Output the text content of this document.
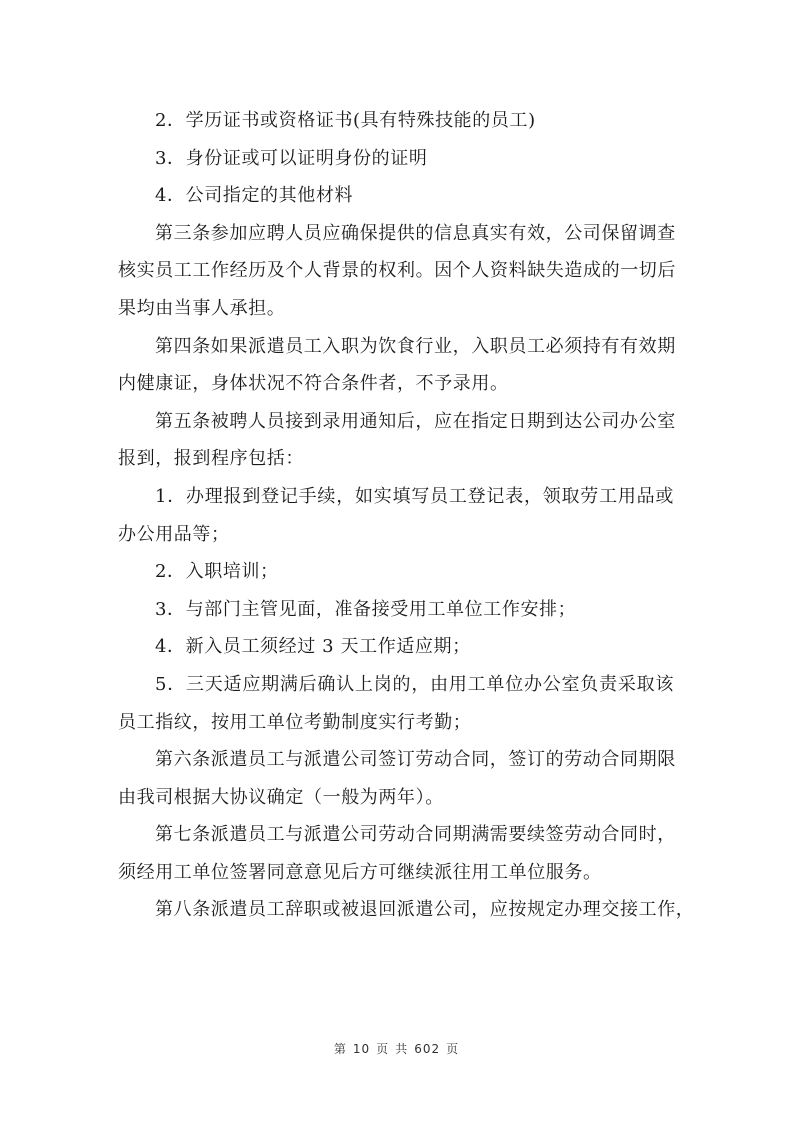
2．学历证书或资格证书(具有特殊技能的员工)
3．身份证或可以证明身份的证明
4．公司指定的其他材料
第三条参加应聘人员应确保提供的信息真实有效，公司保留调查
核实员工工作经历及个人背景的权利。因个人资料缺失造成的一切后
果均由当事人承担。
第四条如果派遣员工入职为饮食行业，入职员工必须持有有效期
内健康证，身体状况不符合条件者，不予录用。
第五条被聘人员接到录用通知后，应在指定日期到达公司办公室
报到，报到程序包括：
1．办理报到登记手续，如实填写员工登记表，领取劳工用品或
办公用品等；
2．入职培训；
3．与部门主管见面，准备接受用工单位工作安排；
4．新入员工须经过 3 天工作适应期；
5．三天适应期满后确认上岗的，由用工单位办公室负责采取该
员工指纹，按用工单位考勤制度实行考勤；
第六条派遣员工与派遣公司签订劳动合同，签订的劳动合同期限
由我司根据大协议确定（一般为两年）。
第七条派遣员工与派遣公司劳动合同期满需要续签劳动合同时，
须经用工单位签署同意意见后方可继续派往用工单位服务。
第八条派遣员工辞职或被退回派遣公司，应按规定办理交接工作，
第 10 页 共 602 页
